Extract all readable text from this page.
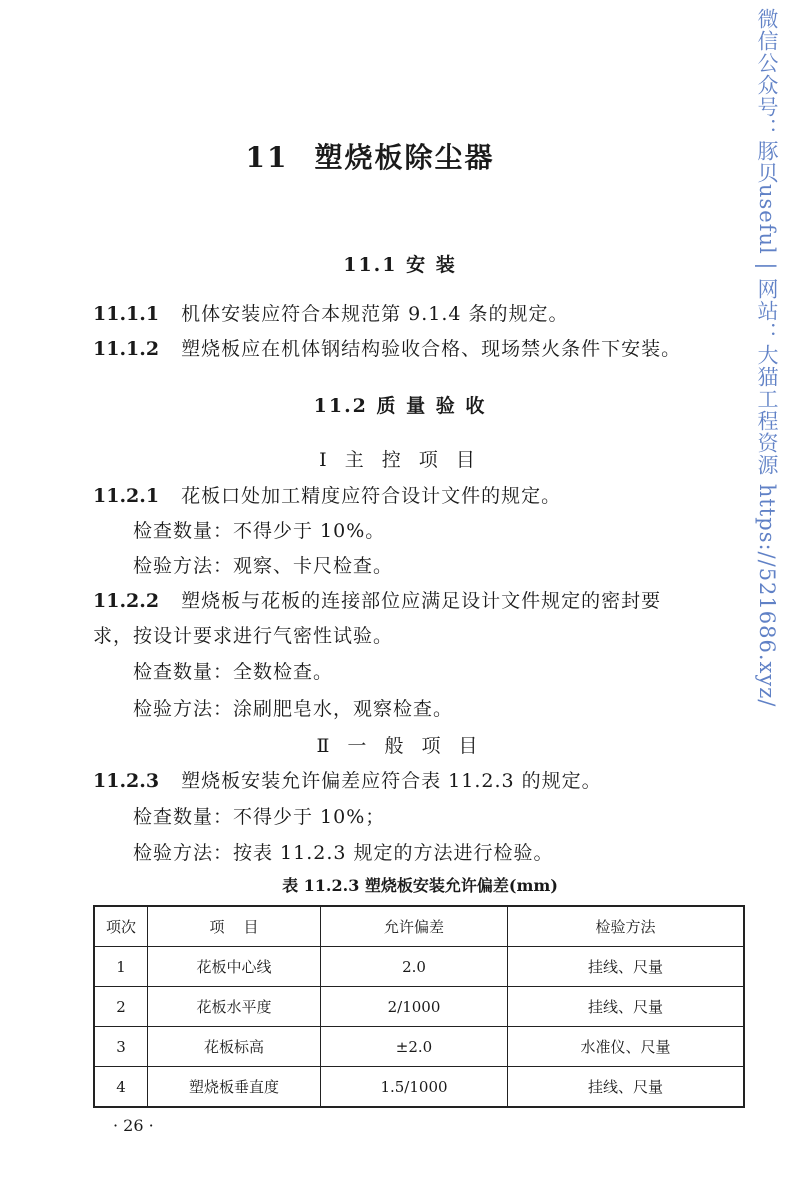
11 塑烧板除尘器
11.1 安 装
11.1.1 机体安装应符合本规范第 9.1.4 条的规定。
11.1.2 塑烧板应在机体钢结构验收合格、现场禁火条件下安装。
11.2 质 量 验 收
Ⅰ 主 控 项 目
11.2.1 花板口处加工精度应符合设计文件的规定。
检查数量：不得少于 10%。
检验方法：观察、卡尺检查。
11.2.2 塑烧板与花板的连接部位应满足设计文件规定的密封要
求，按设计要求进行气密性试验。
检查数量：全数检查。
检验方法：涂刷肥皂水，观察检查。
Ⅱ 一 般 项 目
11.2.3 塑烧板安装允许偏差应符合表 11.2.3 的规定。
检查数量：不得少于 10%；
检验方法：按表 11.2.3 规定的方法进行检验。
表 11.2.3 塑烧板安装允许偏差(mm)
项次	项    目	允许偏差	检验方法
1	花板中心线	2.0	挂线、尺量
2	花板水平度	2/1000	挂线、尺量
3	花板标高	±2.0	水准仪、尺量
4	塑烧板垂直度	1.5/1000	挂线、尺量
· 26 ·
微信公众号：豚贝useful | 网站：大猫工程资源 https://521686.xyz/
